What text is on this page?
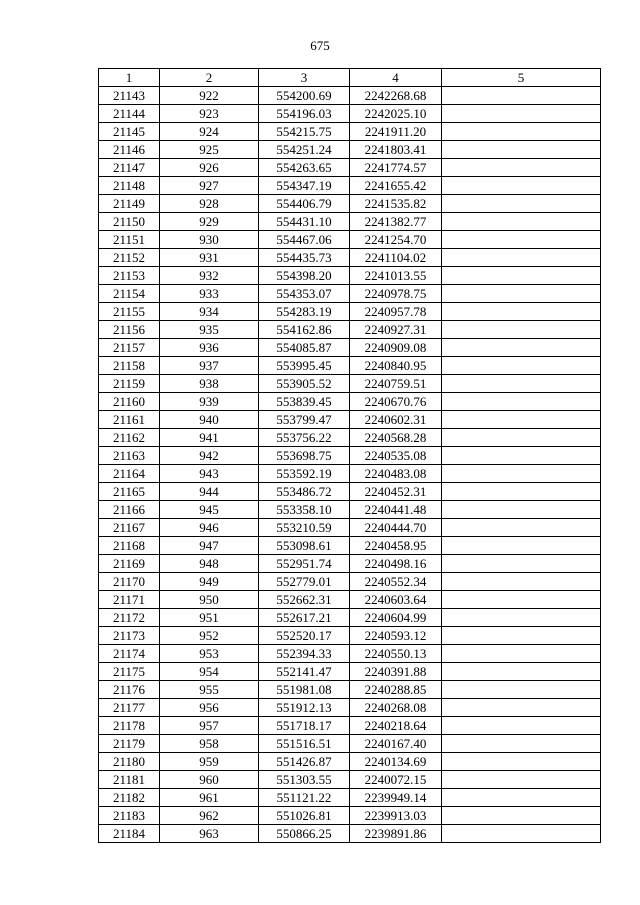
675
1	2	3	4	5
21143	922	554200.69	2242268.68	
21144	923	554196.03	2242025.10	
21145	924	554215.75	2241911.20	
21146	925	554251.24	2241803.41	
21147	926	554263.65	2241774.57	
21148	927	554347.19	2241655.42	
21149	928	554406.79	2241535.82	
21150	929	554431.10	2241382.77	
21151	930	554467.06	2241254.70	
21152	931	554435.73	2241104.02	
21153	932	554398.20	2241013.55	
21154	933	554353.07	2240978.75	
21155	934	554283.19	2240957.78	
21156	935	554162.86	2240927.31	
21157	936	554085.87	2240909.08	
21158	937	553995.45	2240840.95	
21159	938	553905.52	2240759.51	
21160	939	553839.45	2240670.76	
21161	940	553799.47	2240602.31	
21162	941	553756.22	2240568.28	
21163	942	553698.75	2240535.08	
21164	943	553592.19	2240483.08	
21165	944	553486.72	2240452.31	
21166	945	553358.10	2240441.48	
21167	946	553210.59	2240444.70	
21168	947	553098.61	2240458.95	
21169	948	552951.74	2240498.16	
21170	949	552779.01	2240552.34	
21171	950	552662.31	2240603.64	
21172	951	552617.21	2240604.99	
21173	952	552520.17	2240593.12	
21174	953	552394.33	2240550.13	
21175	954	552141.47	2240391.88	
21176	955	551981.08	2240288.85	
21177	956	551912.13	2240268.08	
21178	957	551718.17	2240218.64	
21179	958	551516.51	2240167.40	
21180	959	551426.87	2240134.69	
21181	960	551303.55	2240072.15	
21182	961	551121.22	2239949.14	
21183	962	551026.81	2239913.03	
21184	963	550866.25	2239891.86	
